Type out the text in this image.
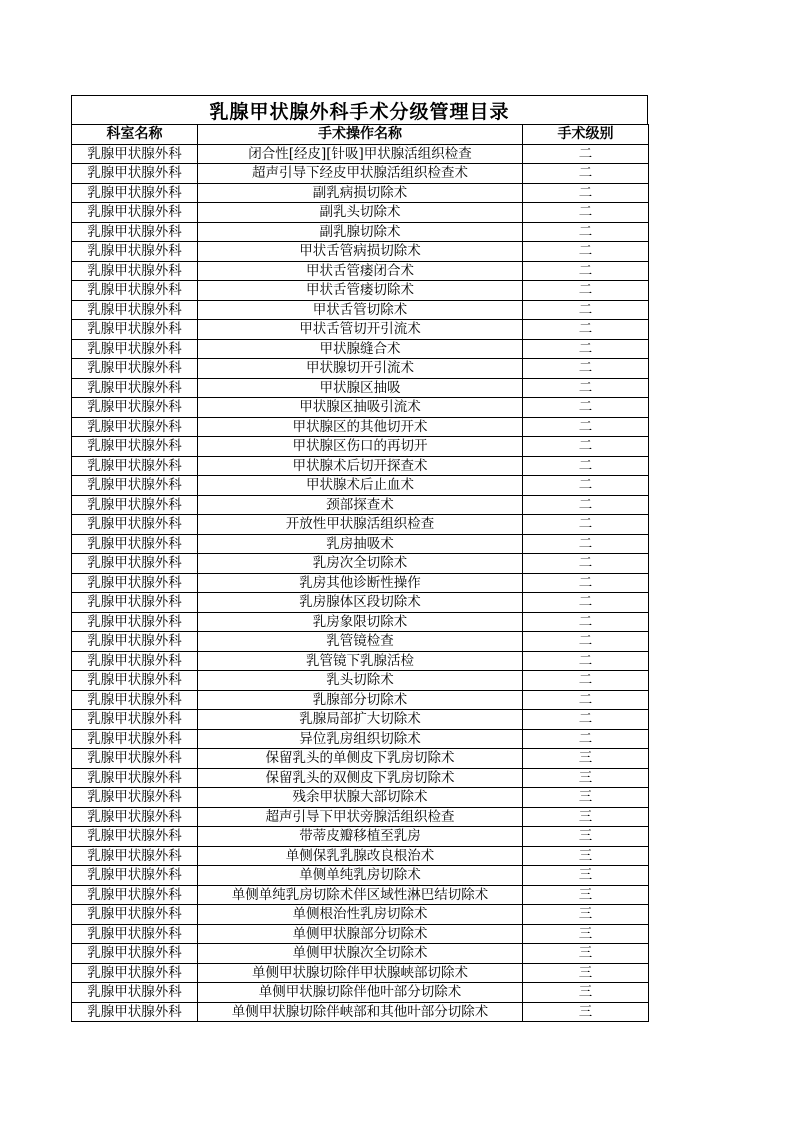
乳腺甲状腺外科手术分级管理目录
科室名称	手术操作名称	手术级别
乳腺甲状腺外科	闭合性[经皮][针吸]甲状腺活组织检查	二
乳腺甲状腺外科	超声引导下经皮甲状腺活组织检查术	二
乳腺甲状腺外科	副乳病损切除术	二
乳腺甲状腺外科	副乳头切除术	二
乳腺甲状腺外科	副乳腺切除术	二
乳腺甲状腺外科	甲状舌管病损切除术	二
乳腺甲状腺外科	甲状舌管瘘闭合术	二
乳腺甲状腺外科	甲状舌管瘘切除术	二
乳腺甲状腺外科	甲状舌管切除术	二
乳腺甲状腺外科	甲状舌管切开引流术	二
乳腺甲状腺外科	甲状腺缝合术	二
乳腺甲状腺外科	甲状腺切开引流术	二
乳腺甲状腺外科	甲状腺区抽吸	二
乳腺甲状腺外科	甲状腺区抽吸引流术	二
乳腺甲状腺外科	甲状腺区的其他切开术	二
乳腺甲状腺外科	甲状腺区伤口的再切开	二
乳腺甲状腺外科	甲状腺术后切开探查术	二
乳腺甲状腺外科	甲状腺术后止血术	二
乳腺甲状腺外科	颈部探查术	二
乳腺甲状腺外科	开放性甲状腺活组织检查	二
乳腺甲状腺外科	乳房抽吸术	二
乳腺甲状腺外科	乳房次全切除术	二
乳腺甲状腺外科	乳房其他诊断性操作	二
乳腺甲状腺外科	乳房腺体区段切除术	二
乳腺甲状腺外科	乳房象限切除术	二
乳腺甲状腺外科	乳管镜检查	二
乳腺甲状腺外科	乳管镜下乳腺活检	二
乳腺甲状腺外科	乳头切除术	二
乳腺甲状腺外科	乳腺部分切除术	二
乳腺甲状腺外科	乳腺局部扩大切除术	二
乳腺甲状腺外科	异位乳房组织切除术	二
乳腺甲状腺外科	保留乳头的单侧皮下乳房切除术	三
乳腺甲状腺外科	保留乳头的双侧皮下乳房切除术	三
乳腺甲状腺外科	残余甲状腺大部切除术	三
乳腺甲状腺外科	超声引导下甲状旁腺活组织检查	三
乳腺甲状腺外科	带蒂皮瓣移植至乳房	三
乳腺甲状腺外科	单侧保乳乳腺改良根治术	三
乳腺甲状腺外科	单侧单纯乳房切除术	三
乳腺甲状腺外科	单侧单纯乳房切除术伴区域性淋巴结切除术	三
乳腺甲状腺外科	单侧根治性乳房切除术	三
乳腺甲状腺外科	单侧甲状腺部分切除术	三
乳腺甲状腺外科	单侧甲状腺次全切除术	三
乳腺甲状腺外科	单侧甲状腺切除伴甲状腺峡部切除术	三
乳腺甲状腺外科	单侧甲状腺切除伴他叶部分切除术	三
乳腺甲状腺外科	单侧甲状腺切除伴峡部和其他叶部分切除术	三
